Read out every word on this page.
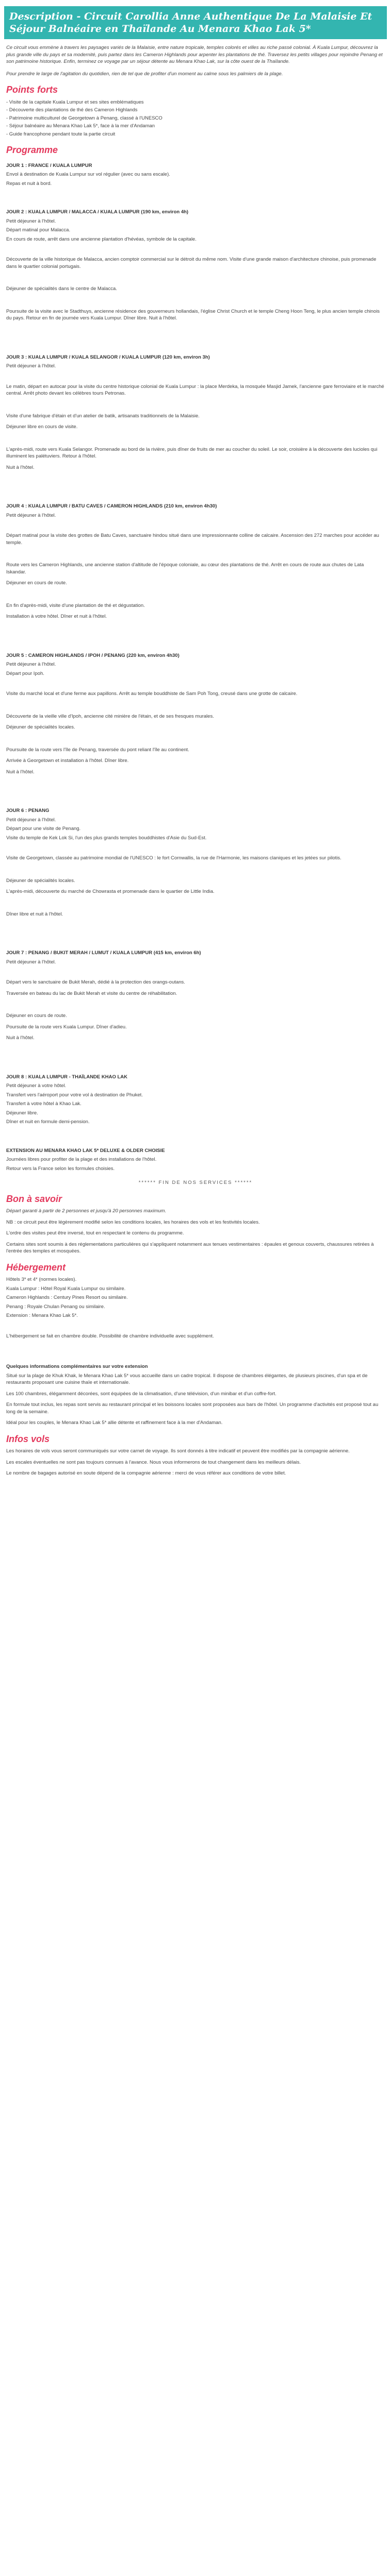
Description - Circuit Carollia Anne Authentique De La Malaisie Et Séjour Balnéaire en Thaïlande Au Menara Khao Lak 5*

Ce circuit vous emmène à travers les paysages variés de la Malaisie, entre nature tropicale, temples colorés et villes au riche passé colonial. À Kuala Lumpur, découvrez la plus grande ville du pays et sa modernité, puis partez dans les Cameron Highlands pour arpenter les plantations de thé. Traversez les petits villages pour rejoindre Penang et son patrimoine historique. Enfin, terminez ce voyage par un séjour détente au Menara Khao Lak, sur la côte ouest de la Thaïlande.

Pour prendre le large de l'agitation du quotidien, rien de tel que de profiter d'un moment au calme sous les palmiers de la plage.

Points forts

- Visite de la capitale Kuala Lumpur et ses sites emblématiques

- Découverte des plantations de thé des Cameron Highlands

- Patrimoine multiculturel de Georgetown à Penang, classé à l'UNESCO

- Séjour balnéaire au Menara Khao Lak 5*, face à la mer d'Andaman

- Guide francophone pendant toute la partie circuit

Programme

JOUR 1 : FRANCE / KUALA LUMPUR

Envol à destination de Kuala Lumpur sur vol régulier (avec ou sans escale).

Repas et nuit à bord.

JOUR 2 : KUALA LUMPUR / MALACCA / KUALA LUMPUR (190 km, environ 4h)

Petit déjeuner à l'hôtel.

Départ matinal pour Malacca.

En cours de route, arrêt dans une ancienne plantation d'hévéas, symbole de la capitale.

Découverte de la ville historique de Malacca, ancien comptoir commercial sur le détroit du même nom. Visite d'une grande maison d'architecture chinoise, puis promenade dans le quartier colonial portugais.

Déjeuner de spécialités dans le centre de Malacca.

Poursuite de la visite avec le Stadthuys, ancienne résidence des gouverneurs hollandais, l'église Christ Church et le temple Cheng Hoon Teng, le plus ancien temple chinois du pays. Retour en fin de journée vers Kuala Lumpur. Dîner libre. Nuit à l'hôtel.

JOUR 3 : KUALA LUMPUR / KUALA SELANGOR / KUALA LUMPUR (120 km, environ 3h)

Petit déjeuner à l'hôtel.

Le matin, départ en autocar pour la visite du centre historique colonial de Kuala Lumpur : la place Merdeka, la mosquée Masjid Jamek, l'ancienne gare ferroviaire et le marché central. Arrêt photo devant les célèbres tours Petronas.

Visite d'une fabrique d'étain et d'un atelier de batik, artisanats traditionnels de la Malaisie.

Déjeuner libre en cours de visite.

L'après-midi, route vers Kuala Selangor. Promenade au bord de la rivière, puis dîner de fruits de mer au coucher du soleil. Le soir, croisière à la découverte des lucioles qui illuminent les palétuviers. Retour à l'hôtel.

Nuit à l'hôtel.

JOUR 4 : KUALA LUMPUR / BATU CAVES / CAMERON HIGHLANDS (210 km, environ 4h30)

Petit déjeuner à l'hôtel.

Départ matinal pour la visite des grottes de Batu Caves, sanctuaire hindou situé dans une impressionnante colline de calcaire. Ascension des 272 marches pour accéder au temple.

Route vers les Cameron Highlands, une ancienne station d'altitude de l'époque coloniale, au cœur des plantations de thé. Arrêt en cours de route aux chutes de Lata Iskandar.

Déjeuner en cours de route.

En fin d'après-midi, visite d'une plantation de thé et dégustation.

Installation à votre hôtel. Dîner et nuit à l'hôtel.

JOUR 5 : CAMERON HIGHLANDS / IPOH / PENANG (220 km, environ 4h30)

Petit déjeuner à l'hôtel.

Départ pour Ipoh.

Visite du marché local et d'une ferme aux papillons. Arrêt au temple bouddhiste de Sam Poh Tong, creusé dans une grotte de calcaire.

Découverte de la vieille ville d'Ipoh, ancienne cité minière de l'étain, et de ses fresques murales.

Déjeuner de spécialités locales.

Poursuite de la route vers l'île de Penang, traversée du pont reliant l'île au continent.

Arrivée à Georgetown et installation à l'hôtel. Dîner libre.

Nuit à l'hôtel.

JOUR 6 : PENANG

Petit déjeuner à l'hôtel.

Départ pour une visite de Penang.

Visite du temple de Kek Lok Si, l'un des plus grands temples bouddhistes d'Asie du Sud-Est.

Visite de Georgetown, classée au patrimoine mondial de l'UNESCO : le fort Cornwallis, la rue de l'Harmonie, les maisons claniques et les jetées sur pilotis.

Déjeuner de spécialités locales.

L'après-midi, découverte du marché de Chowrasta et promenade dans le quartier de Little India.

Dîner libre et nuit à l'hôtel.

JOUR 7 : PENANG / BUKIT MERAH / LUMUT / KUALA LUMPUR (415 km, environ 6h)

Petit déjeuner à l'hôtel.

Départ vers le sanctuaire de Bukit Merah, dédié à la protection des orangs-outans.

Traversée en bateau du lac de Bukit Merah et visite du centre de réhabilitation.

Déjeuner en cours de route.

Poursuite de la route vers Kuala Lumpur. Dîner d'adieu.

Nuit à l'hôtel.

JOUR 8 : KUALA LUMPUR - THAÏLANDE KHAO LAK

Petit déjeuner à votre hôtel.

Transfert vers l'aéroport pour votre vol à destination de Phuket.

Transfert à votre hôtel à Khao Lak.

Déjeuner libre.

Dîner et nuit en formule demi-pension.

EXTENSION AU MENARA KHAO LAK 5* DELUXE & OLDER CHOISIE

Journées libres pour profiter de la plage et des installations de l'hôtel.

Retour vers la France selon les formules choisies.

****** FIN DE NOS SERVICES ******

Bon à savoir

Départ garanti à partir de 2 personnes et jusqu'à 20 personnes maximum.

NB : ce circuit peut être légèrement modifié selon les conditions locales, les horaires des vols et les festivités locales.

L'ordre des visites peut être inversé, tout en respectant le contenu du programme.

Certains sites sont soumis à des réglementations particulières qui s'appliquent notamment aux tenues vestimentaires : épaules et genoux couverts, chaussures retirées à l'entrée des temples et mosquées.

Hébergement

Hôtels 3* et 4* (normes locales).

Kuala Lumpur : Hôtel Royal Kuala Lumpur ou similaire.

Cameron Highlands : Century Pines Resort ou similaire.

Penang : Royale Chulan Penang ou similaire.

Extension : Menara Khao Lak 5*.

L'hébergement se fait en chambre double. Possibilité de chambre individuelle avec supplément.

Quelques informations complémentaires sur votre extension

Situé sur la plage de Khuk Khak, le Menara Khao Lak 5* vous accueille dans un cadre tropical. Il dispose de chambres élégantes, de plusieurs piscines, d'un spa et de restaurants proposant une cuisine thaïe et internationale.

Les 100 chambres, élégamment décorées, sont équipées de la climatisation, d'une télévision, d'un minibar et d'un coffre-fort.

En formule tout inclus, les repas sont servis au restaurant principal et les boissons locales sont proposées aux bars de l'hôtel. Un programme d'activités est proposé tout au long de la semaine.

Idéal pour les couples, le Menara Khao Lak 5* allie détente et raffinement face à la mer d'Andaman.

Infos vols

Les horaires de vols vous seront communiqués sur votre carnet de voyage. Ils sont donnés à titre indicatif et peuvent être modifiés par la compagnie aérienne.

Les escales éventuelles ne sont pas toujours connues à l'avance. Nous vous informerons de tout changement dans les meilleurs délais.

Le nombre de bagages autorisé en soute dépend de la compagnie aérienne : merci de vous référer aux conditions de votre billet.
